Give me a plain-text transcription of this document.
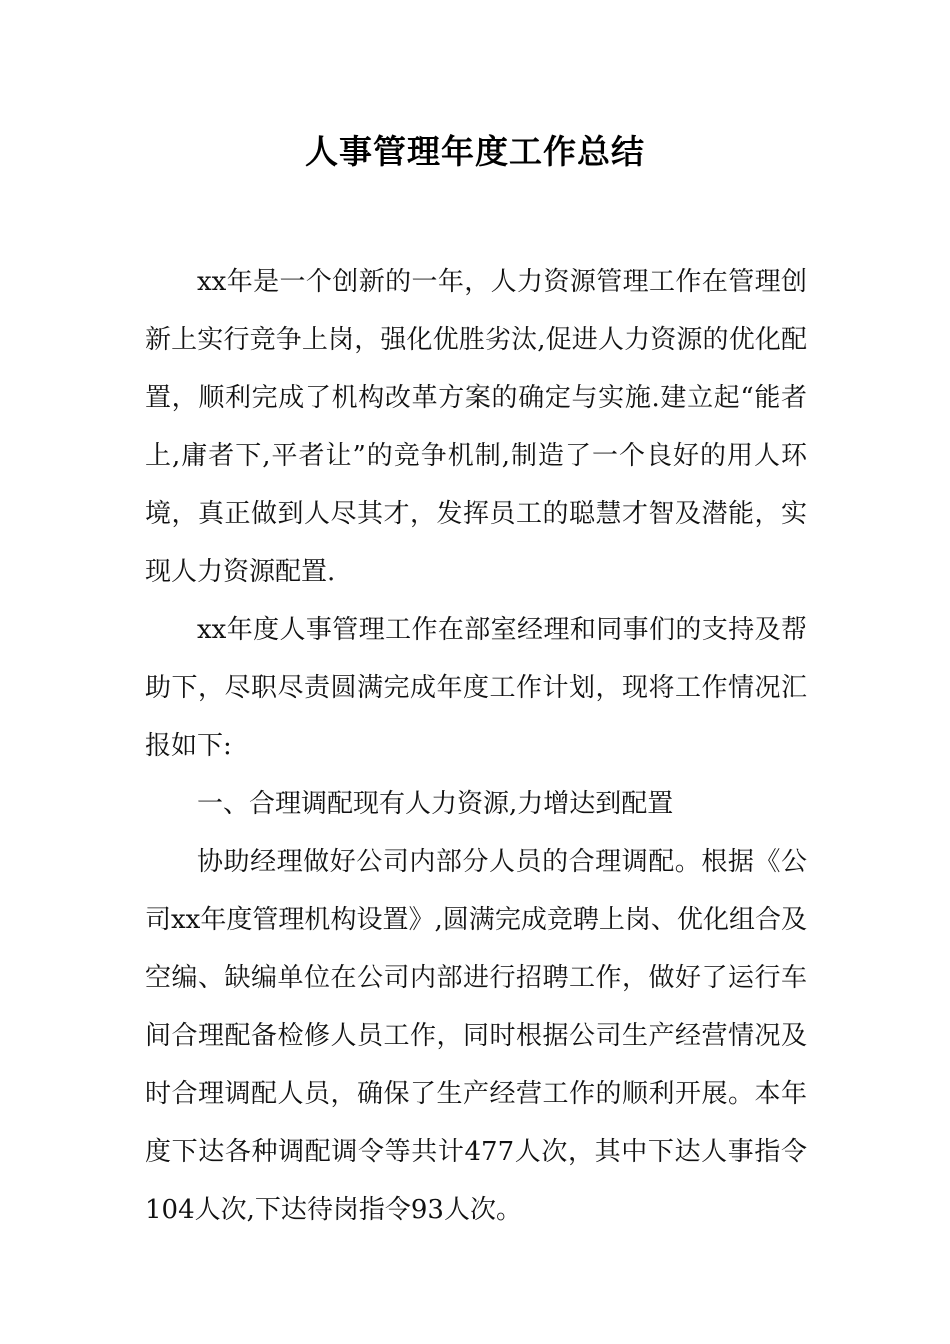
人事管理年度工作总结

xx年是一个创新的一年，人力资源管理工作在管理创新上实行竞争上岗，强化优胜劣汰,促进人力资源的优化配置，顺利完成了机构改革方案的确定与实施.建立起“能者上,庸者下,平者让”的竞争机制,制造了一个良好的用人环境，真正做到人尽其才，发挥员工的聪慧才智及潜能，实现人力资源配置.

xx年度人事管理工作在部室经理和同事们的支持及帮助下，尽职尽责圆满完成年度工作计划，现将工作情况汇报如下:

一、合理调配现有人力资源,力增达到配置

协助经理做好公司内部分人员的合理调配。根据《公司xx年度管理机构设置》,圆满完成竞聘上岗、优化组合及空编、缺编单位在公司内部进行招聘工作，做好了运行车间合理配备检修人员工作，同时根据公司生产经营情况及时合理调配人员，确保了生产经营工作的顺利开展。本年度下达各种调配调令等共计477人次，其中下达人事指令104人次,下达待岗指令93人次。
